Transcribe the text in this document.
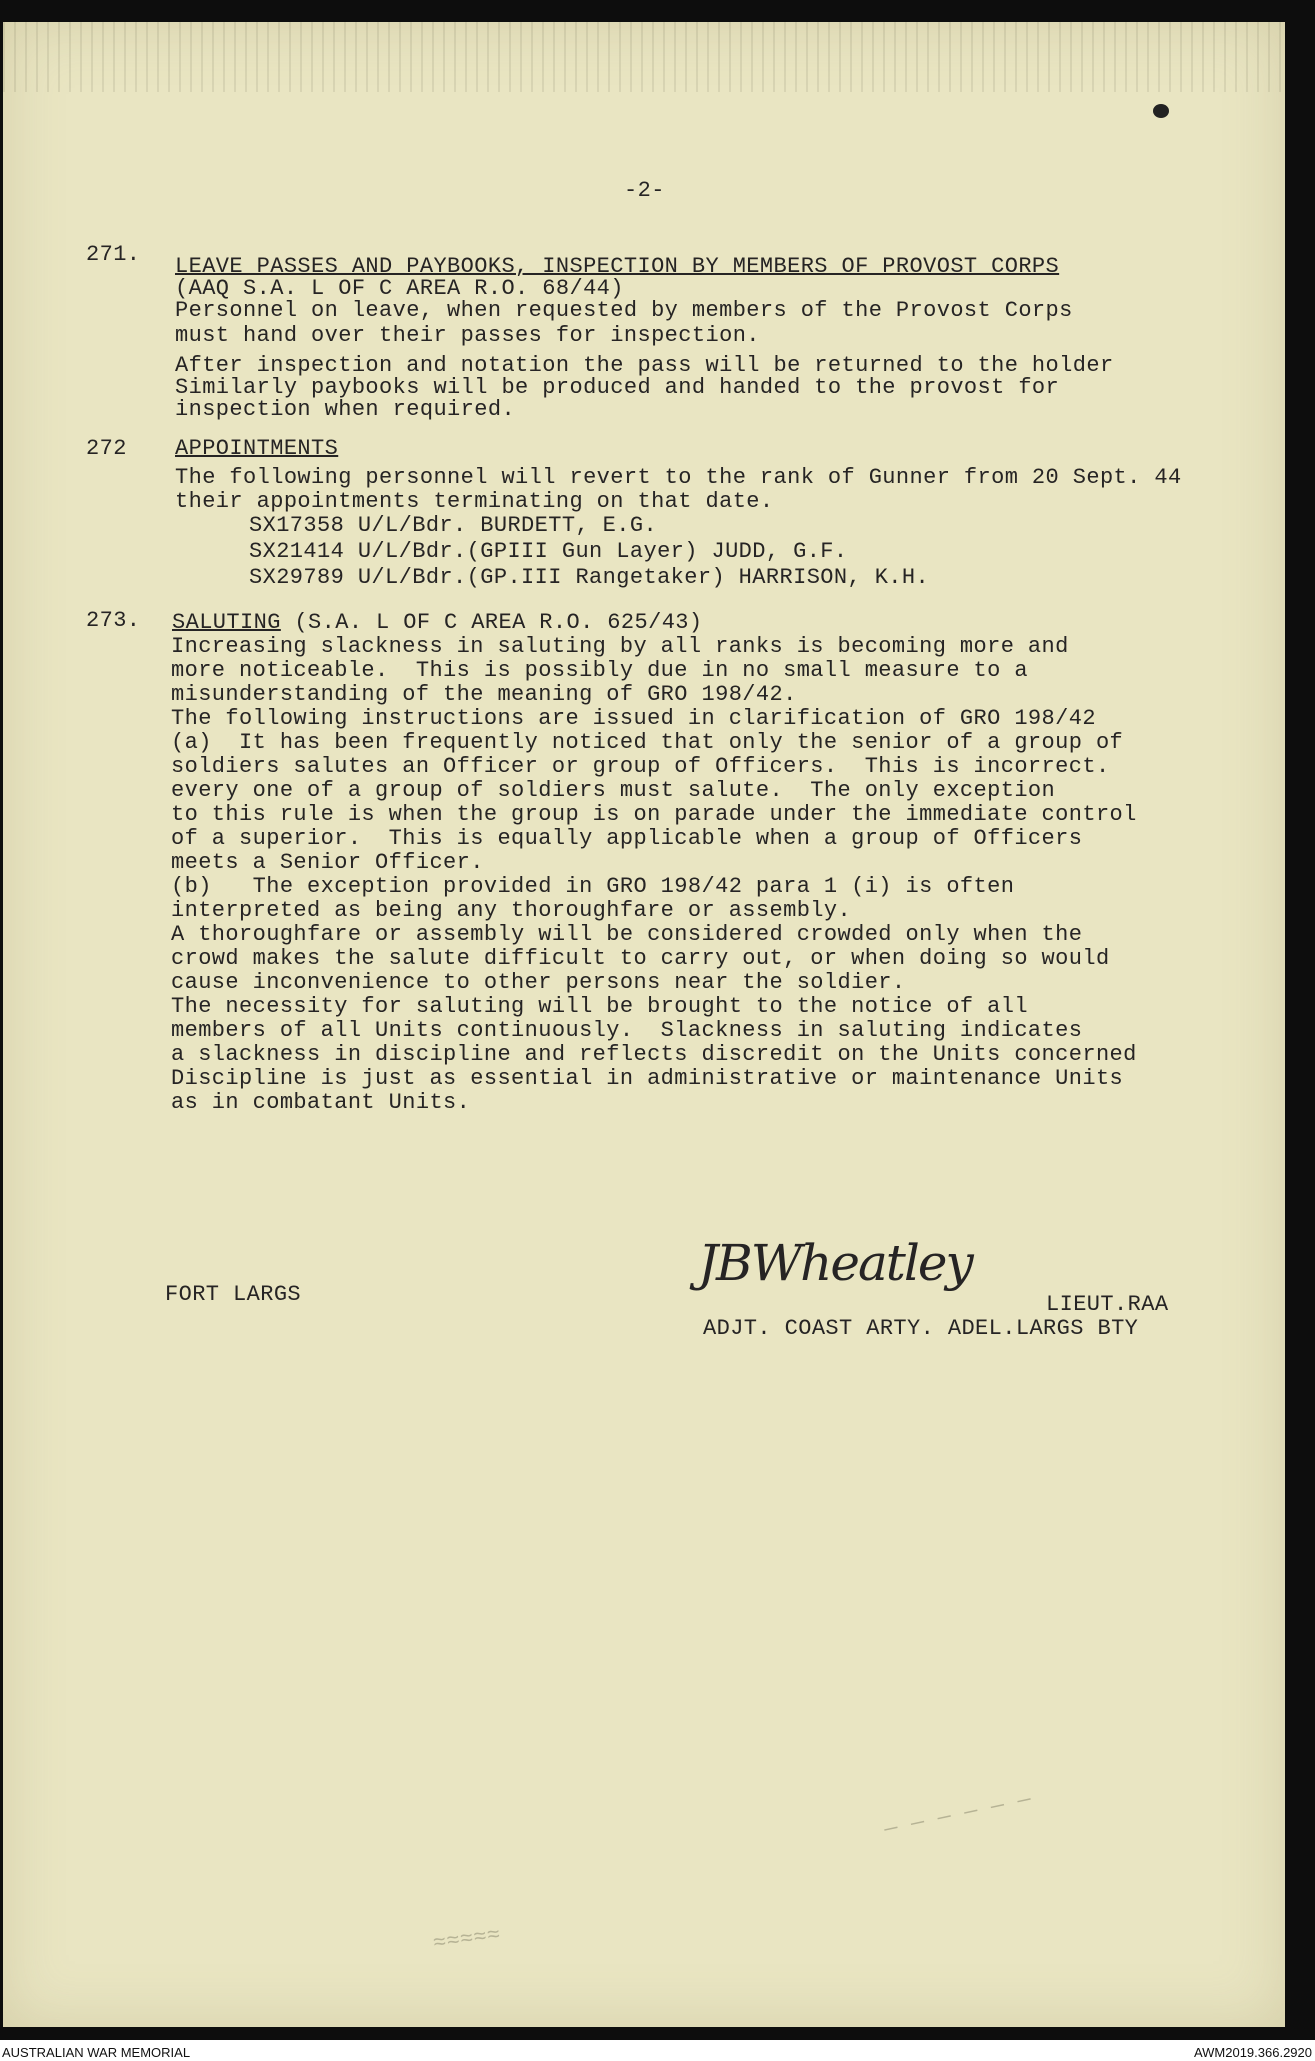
-2-
271. LEAVE PASSES AND PAYBOOKS, INSPECTION BY MEMBERS OF PROVOST CORPS
(AAQ S.A. L OF C AREA R.O. 68/44)
Personnel on leave, when requested by members of the Provost Corps
must hand over their passes for inspection.
After inspection and notation the pass will be returned to the holder
Similarly paybooks will be produced and handed to the provost for
inspection when required.
272 APPOINTMENTS
The following personnel will revert to the rank of Gunner from 20 Sept. 44
their appointments terminating on that date.
SX17358 U/L/Bdr. BURDETT, E.G.
SX21414 U/L/Bdr.(GPIII Gun Layer) JUDD, G.F.
SX29789 U/L/Bdr.(GP.III Rangetaker) HARRISON, K.H.
273. SALUTING (S.A. L OF C AREA R.O. 625/43)
Increasing slackness in saluting by all ranks is becoming more and
more noticeable.  This is possibly due in no small measure to a
misunderstanding of the meaning of GRO 198/42.
The following instructions are issued in clarification of GRO 198/42
(a)  It has been frequently noticed that only the senior of a group of
soldiers salutes an Officer or group of Officers.  This is incorrect.
every one of a group of soldiers must salute.  The only exception
to this rule is when the group is on parade under the immediate control
of a superior.  This is equally applicable when a group of Officers
meets a Senior Officer.
(b)   The exception provided in GRO 198/42 para 1 (i) is often
interpreted as being any thoroughfare or assembly.
A thoroughfare or assembly will be considered crowded only when the
crowd makes the salute difficult to carry out, or when doing so would
cause inconvenience to other persons near the soldier.
The necessity for saluting will be brought to the notice of all
members of all Units continuously.  Slackness in saluting indicates
a slackness in discipline and reflects discredit on the Units concerned
Discipline is just as essential in administrative or maintenance Units
as in combatant Units.
FORT LARGS
JBWheatley
LIEUT.RAA
ADJT. COAST ARTY. ADEL.LARGS BTY
— — — — — —
≈≈≈≈≈
AUSTRALIAN WAR MEMORIAL	AWM2019.366.2920
